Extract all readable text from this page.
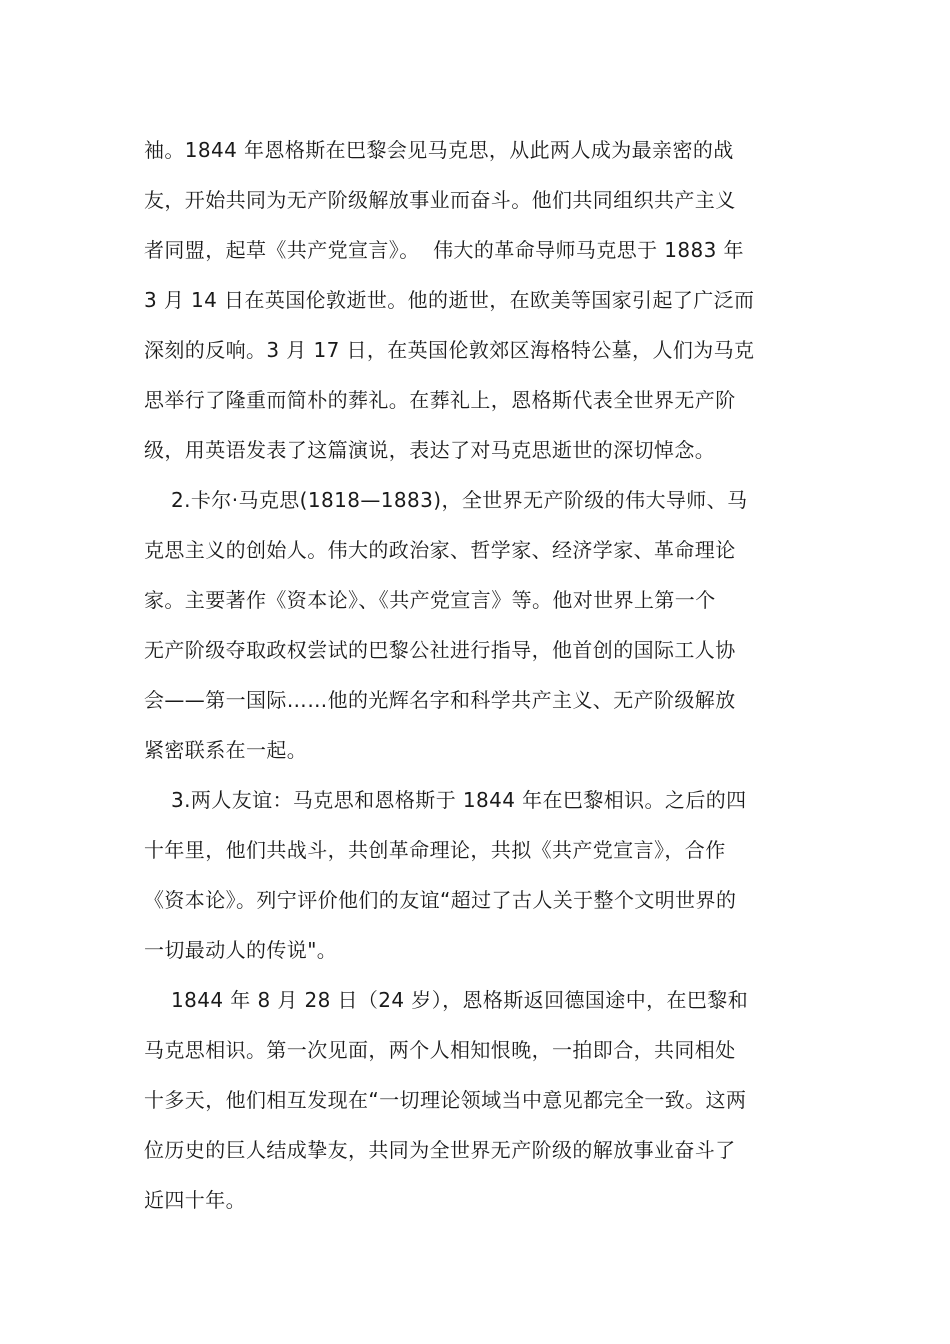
袖。1844 年恩格斯在巴黎会见马克思，从此两人成为最亲密的战
友，开始共同为无产阶级解放事业而奋斗。他们共同组织共产主义
者同盟，起草《共产党宣言》。  伟大的革命导师马克思于 1883 年
3 月 14 日在英国伦敦逝世。他的逝世，在欧美等国家引起了广泛而
深刻的反响。3 月 17 日，在英国伦敦郊区海格特公墓，人们为马克
思举行了隆重而简朴的葬礼。在葬礼上，恩格斯代表全世界无产阶
级，用英语发表了这篇演说，表达了对马克思逝世的深切悼念。
2.卡尔·马克思(1818—1883)，全世界无产阶级的伟大导师、马
克思主义的创始人。伟大的政治家、哲学家、经济学家、革命理论
家。主要著作《资本论》、《共产党宣言》等。他对世界上第一个
无产阶级夺取政权尝试的巴黎公社进行指导，他首创的国际工人协
会——第一国际……他的光辉名字和科学共产主义、无产阶级解放
紧密联系在一起。
3.两人友谊：马克思和恩格斯于 1844 年在巴黎相识。之后的四
十年里，他们共战斗，共创革命理论，共拟《共产党宣言》，合作
《资本论》。列宁评价他们的友谊“超过了古人关于整个文明世界的
一切最动人的传说"。
1844 年 8 月 28 日（24 岁），恩格斯返回德国途中，在巴黎和
马克思相识。第一次见面，两个人相知恨晚，一拍即合，共同相处
十多天，他们相互发现在“一切理论领域当中意见都完全一致。这两
位历史的巨人结成挚友，共同为全世界无产阶级的解放事业奋斗了
近四十年。
